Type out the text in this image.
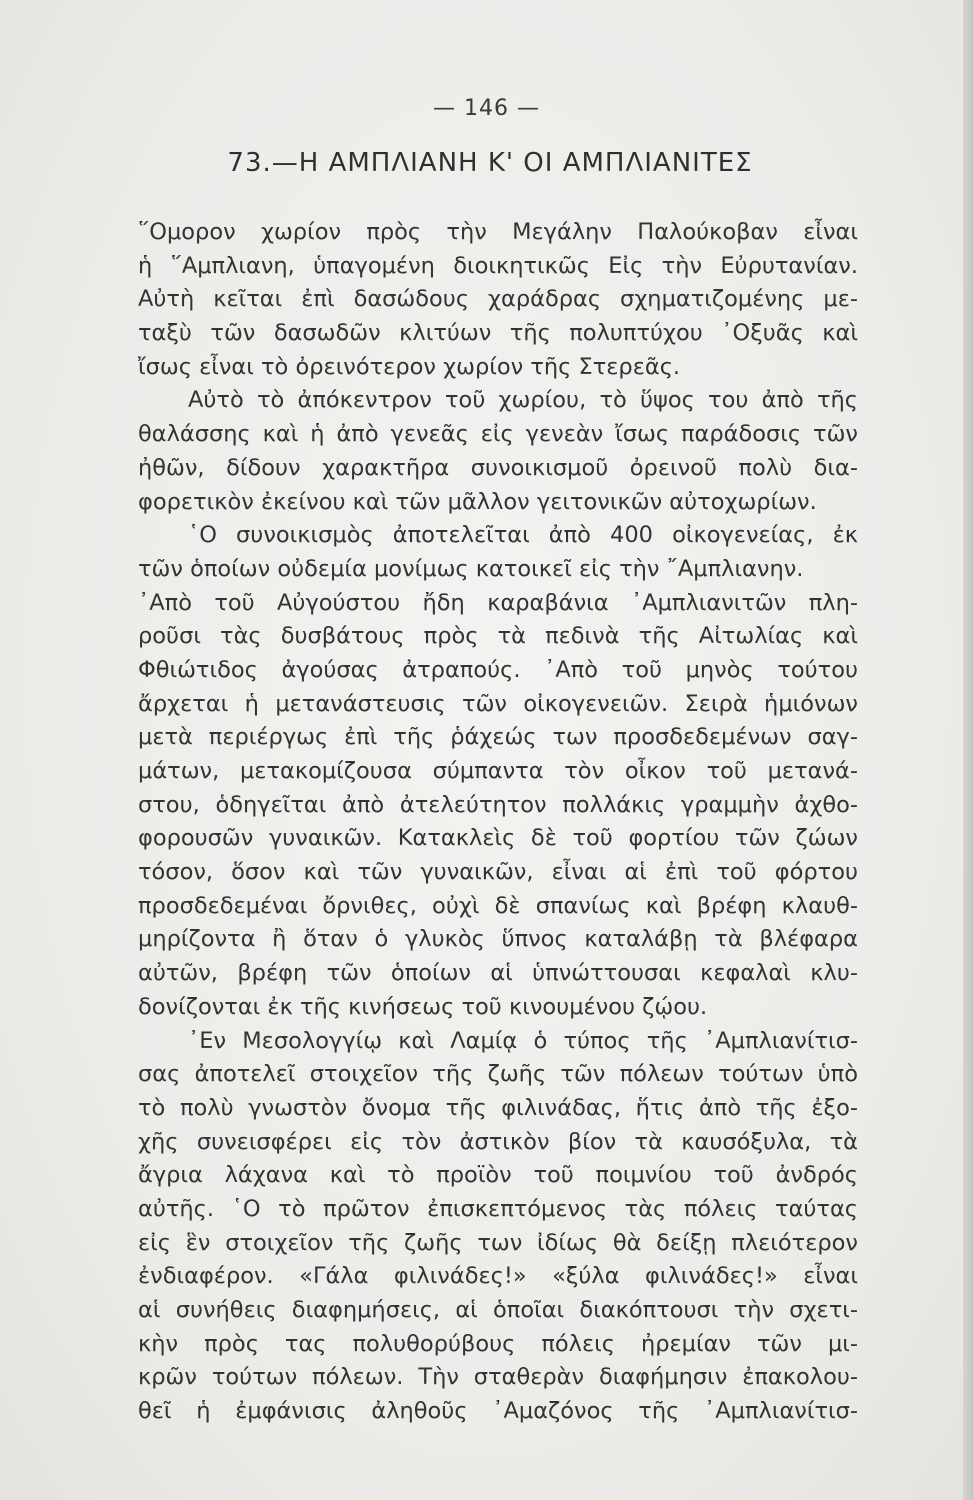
— 146 —
73.—Η ΑΜΠΛΙΑΝΗ Κ' ΟΙ ΑΜΠΛΙΑΝΙΤΕΣ
῞Ομορον χωρίον πρὸς τὴν Μεγάλην Παλούκοβαν εἶναι
ἡ ῞Αμπλιανη, ὑπαγομένη διοικητικῶς Εἰς τὴν Εὐρυτανίαν.
Αὐτὴ κεῖται ἐπὶ δασώδους χαράδρας σχηματιζομένης με-
ταξὺ τῶν δασωδῶν κλιτύων τῆς πολυπτύχου ᾿Οξυᾶς καὶ
ἴσως εἶναι τὸ ὀρεινότερον χωρίον τῆς Στερεᾶς.
Αὐτὸ τὸ ἀπόκεντρον τοῦ χωρίου, τὸ ὕψος του ἀπὸ τῆς
θαλάσσης καὶ ἡ ἀπὸ γενεᾶς εἰς γενεὰν ἴσως παράδοσις τῶν
ἠθῶν, δίδουν χαρακτῆρα συνοικισμοῦ ὀρεινοῦ πολὺ δια-
φορετικὸν ἐκείνου καὶ τῶν μᾶλλον γειτονικῶν αὐτοχωρίων.
῾Ο συνοικισμὸς ἀποτελεῖται ἀπὸ 400 οἰκογενείας, ἐκ
τῶν ὁποίων οὐδεμία μονίμως κατοικεῖ εἰς τὴν ῎Αμπλιανην.
᾿Απὸ τοῦ Αὐγούστου ἤδη καραβάνια ᾿Αμπλιανιτῶν πλη-
ροῦσι τὰς δυσβάτους πρὸς τὰ πεδινὰ τῆς Αἰτωλίας καὶ
Φθιώτιδος ἀγούσας ἀτραπούς. ᾿Απὸ τοῦ μηνὸς τούτου
ἄρχεται ἡ μετανάστευσις τῶν οἰκογενειῶν. Σειρὰ ἡμιόνων
μετὰ περιέργως ἐπὶ τῆς ῥάχεώς των προσδεδεμένων σαγ-
μάτων, μετακομίζουσα σύμπαντα τὸν οἶκον τοῦ μετανά-
στου, ὁδηγεῖται ἀπὸ ἀτελεύτητον πολλάκις γραμμὴν ἀχθο-
φορουσῶν γυναικῶν. Κατακλεὶς δὲ τοῦ φορτίου τῶν ζώων
τόσον, ὅσον καὶ τῶν γυναικῶν, εἶναι αἱ ἐπὶ τοῦ φόρτου
προσδεδεμέναι ὄρνιθες, οὐχὶ δὲ σπανίως καὶ βρέφη κλαυθ-
μηρίζοντα ἢ ὅταν ὁ γλυκὸς ὕπνος καταλάβῃ τὰ βλέφαρα
αὐτῶν, βρέφη τῶν ὁποίων αἱ ὑπνώττουσαι κεφαλαὶ κλυ-
δονίζονται ἐκ τῆς κινήσεως τοῦ κινουμένου ζῴου.
᾿Εν Μεσολογγίῳ καὶ Λαμίᾳ ὁ τύπος τῆς ᾿Αμπλιανίτισ-
σας ἀποτελεῖ στοιχεῖον τῆς ζωῆς τῶν πόλεων τούτων ὑπὸ
τὸ πολὺ γνωστὸν ὄνομα τῆς φιλινάδας, ἥτις ἀπὸ τῆς ἐξο-
χῆς συνεισφέρει εἰς τὸν ἀστικὸν βίον τὰ καυσόξυλα, τὰ
ἄγρια λάχανα καὶ τὸ προϊὸν τοῦ ποιμνίου τοῦ ἀνδρός
αὐτῆς. ῾Ο τὸ πρῶτον ἐπισκεπτόμενος τὰς πόλεις ταύτας
εἰς ἓν στοιχεῖον τῆς ζωῆς των ἰδίως θὰ δείξῃ πλειότερον
ἐνδιαφέρον. «Γάλα φιλινάδες!» «ξύλα φιλινάδες!» εἶναι
αἱ συνήθεις διαφημήσεις, αἱ ὁποῖαι διακόπτουσι τὴν σχετι-
κὴν πρὸς τας πολυθορύβους πόλεις ἠρεμίαν τῶν μι-
κρῶν τούτων πόλεων. Τὴν σταθερὰν διαφήμησιν ἐπακολου-
θεῖ ἡ ἐμφάνισις ἀληθοῦς ᾿Αμαζόνος τῆς ᾿Αμπλιανίτισ-
